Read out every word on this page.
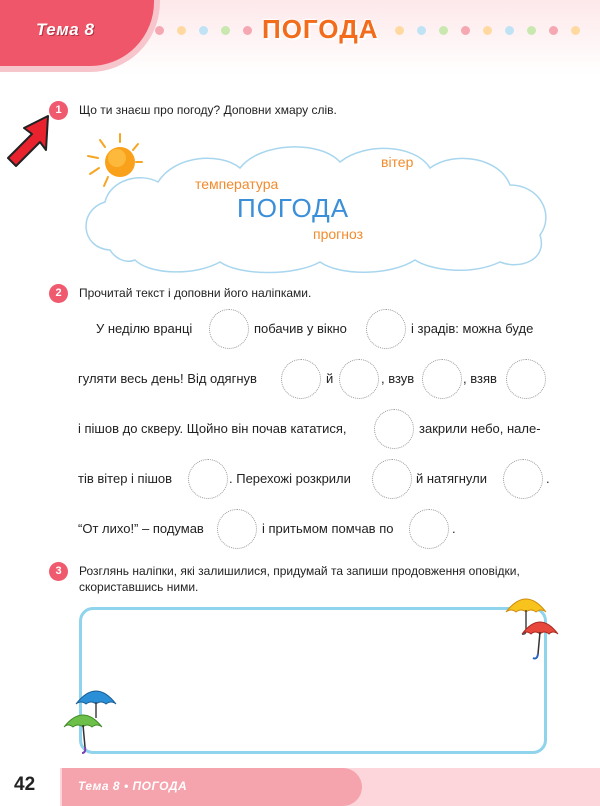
Тема 8	ПОГОДА
1	Що ти знаєш про погоду? Доповни хмару слів.
вітер
температура
ПОГОДА
прогноз
2	Прочитай текст і доповни його наліпками.
У неділю вранці	побачив у вікно	і зрадів: можна буде
гуляти весь день! Від одягнув	й	, взув	, взяв
і пішов до скверу. Щойно він почав кататися,	закрили небо, нале-
тів вітер і пішов	. Перехожі розкрили	й натягнули	.
“От лихо!” – подумав	і притьмом помчав по	.
3	Розглянь наліпки, які залишилися, придумай та запиши продовження оповідки,
скориставшись ними.
42	Тема 8 • ПОГОДА
